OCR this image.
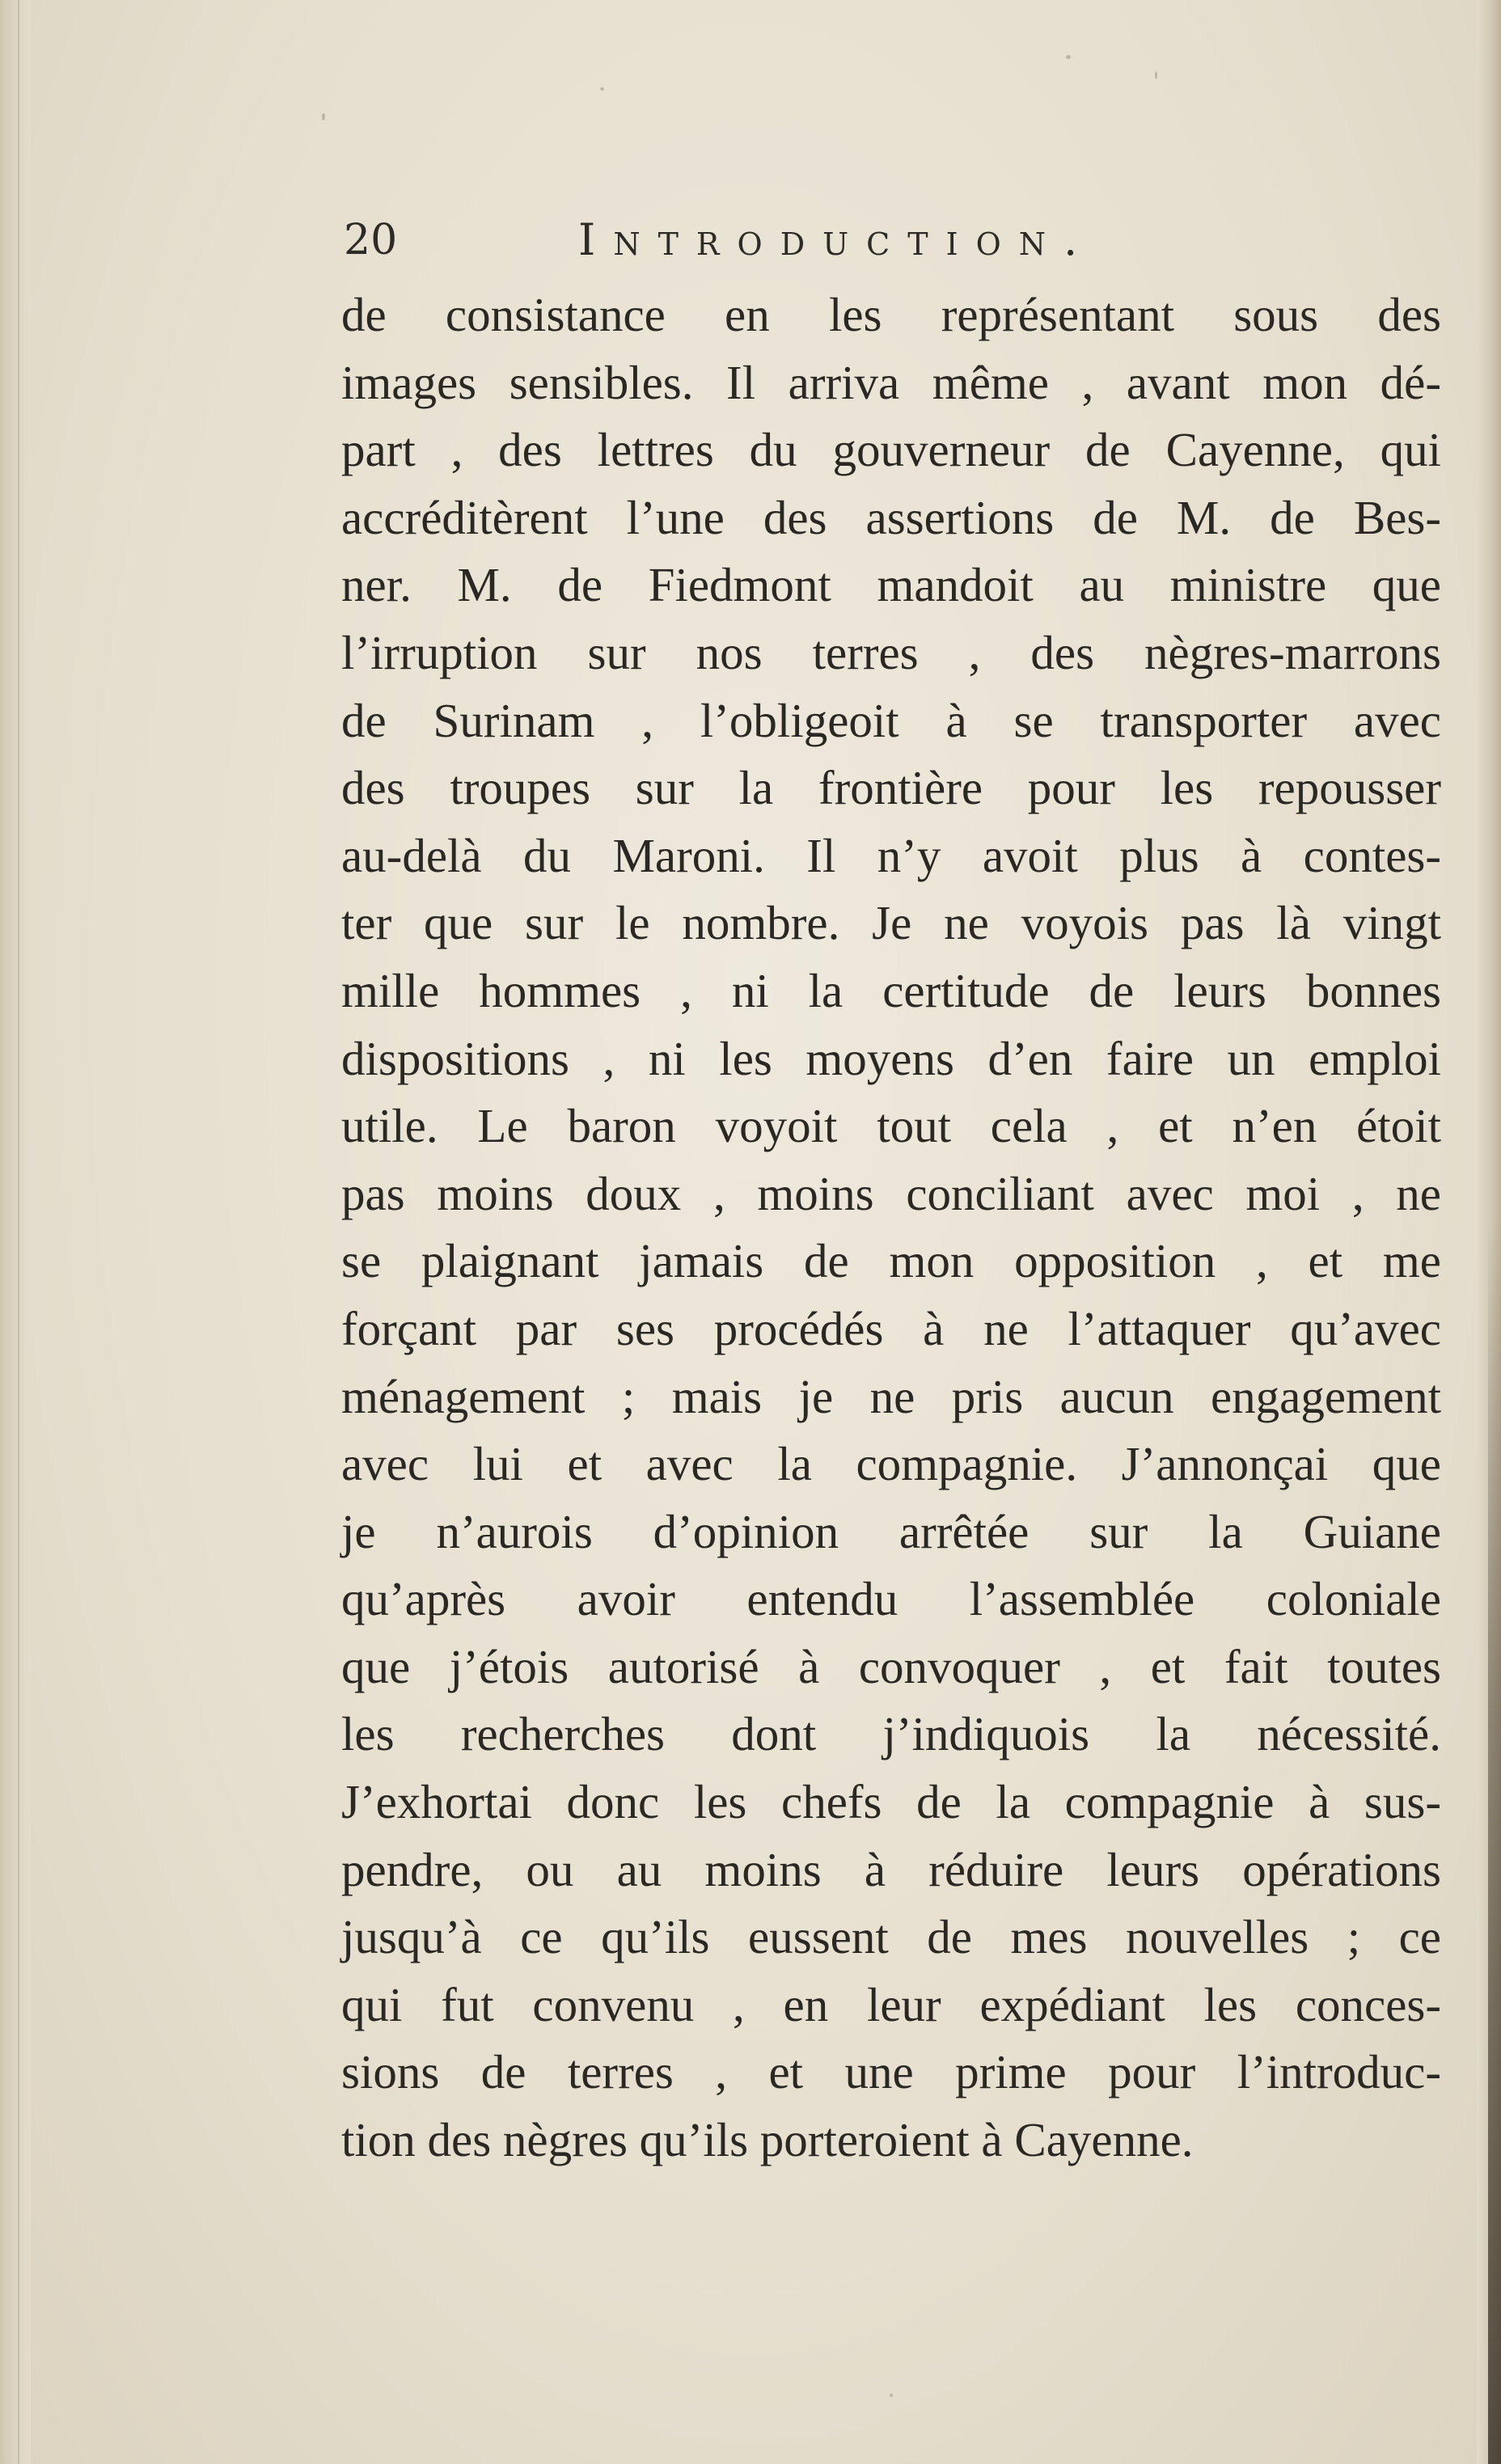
20	Introduction.
de consistance en les représentant sous des
images sensibles. Il arriva même , avant mon dé-
part , des lettres du gouverneur de Cayenne, qui
accréditèrent l’une des assertions de M. de Bes-
ner. M. de Fiedmont mandoit au ministre que
l’irruption sur nos terres , des nègres-marrons
de Surinam , l’obligeoit à se transporter avec
des troupes sur la frontière pour les repousser
au-delà du Maroni. Il n’y avoit plus à contes-
ter que sur le nombre. Je ne voyois pas là vingt
mille hommes , ni la certitude de leurs bonnes
dispositions , ni les moyens d’en faire un emploi
utile. Le baron voyoit tout cela , et n’en étoit
pas moins doux , moins conciliant avec moi , ne
se plaignant jamais de mon opposition , et me
forçant par ses procédés à ne l’attaquer qu’avec
ménagement ; mais je ne pris aucun engagement
avec lui et avec la compagnie. J’annonçai que
je n’aurois d’opinion arrêtée sur la Guiane
qu’après avoir entendu l’assemblée coloniale
que j’étois autorisé à convoquer , et fait toutes
les recherches dont j’indiquois la nécessité.
J’exhortai donc les chefs de la compagnie à sus-
pendre, ou au moins à réduire leurs opérations
jusqu’à ce qu’ils eussent de mes nouvelles ; ce
qui fut convenu , en leur expédiant les conces-
sions de terres , et une prime pour l’introduc-
tion des nègres qu’ils porteroient à Cayenne.
